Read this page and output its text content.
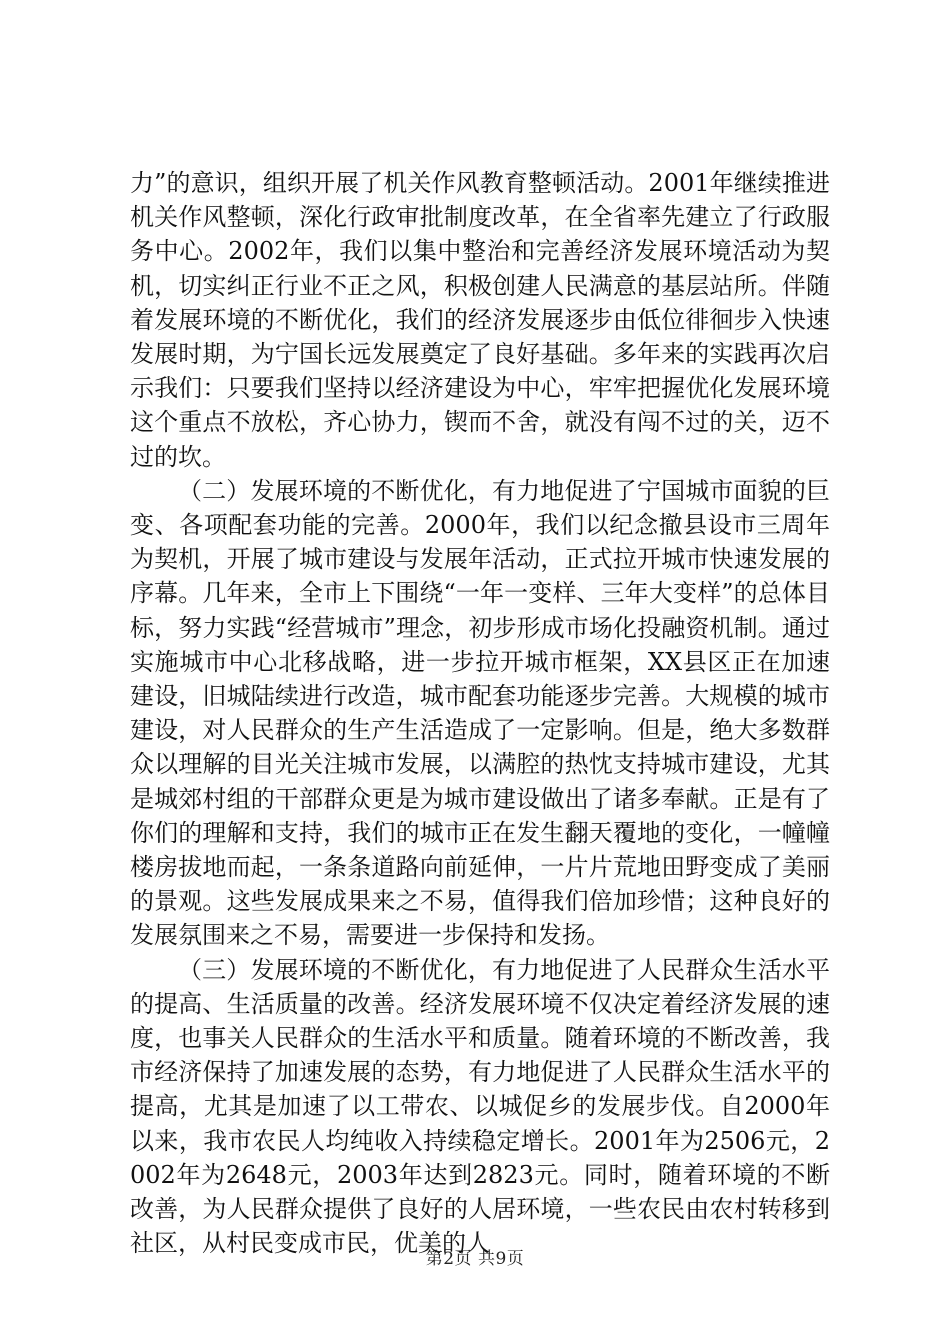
力”的意识，组织开展了机关作风教育整顿活动。2001年继续推进机关作风整顿，深化行政审批制度改革，在全省率先建立了行政服务中心。2002年，我们以集中整治和完善经济发展环境活动为契机，切实纠正行业不正之风，积极创建人民满意的基层站所。伴随着发展环境的不断优化，我们的经济发展逐步由低位徘徊步入快速发展时期，为宁国长远发展奠定了良好基础。多年来的实践再次启示我们：只要我们坚持以经济建设为中心，牢牢把握优化发展环境这个重点不放松，齐心协力，锲而不舍，就没有闯不过的关，迈不过的坎。

（二）发展环境的不断优化，有力地促进了宁国城市面貌的巨变、各项配套功能的完善。2000年，我们以纪念撤县设市三周年为契机，开展了城市建设与发展年活动，正式拉开城市快速发展的序幕。几年来，全市上下围绕“一年一变样、三年大变样”的总体目标，努力实践“经营城市”理念，初步形成市场化投融资机制。通过实施城市中心北移战略，进一步拉开城市框架，XX县区正在加速建设，旧城陆续进行改造，城市配套功能逐步完善。大规模的城市建设，对人民群众的生产生活造成了一定影响。但是，绝大多数群众以理解的目光关注城市发展，以满腔的热忱支持城市建设，尤其是城郊村组的干部群众更是为城市建设做出了诸多奉献。正是有了你们的理解和支持，我们的城市正在发生翻天覆地的变化，一幢幢楼房拔地而起，一条条道路向前延伸，一片片荒地田野变成了美丽的景观。这些发展成果来之不易，值得我们倍加珍惜；这种良好的发展氛围来之不易，需要进一步保持和发扬。

（三）发展环境的不断优化，有力地促进了人民群众生活水平的提高、生活质量的改善。经济发展环境不仅决定着经济发展的速度，也事关人民群众的生活水平和质量。随着环境的不断改善，我市经济保持了加速发展的态势，有力地促进了人民群众生活水平的提高，尤其是加速了以工带农、以城促乡的发展步伐。自2000年以来，我市农民人均纯收入持续稳定增长。2001年为2506元，2002年为2648元，2003年达到2823元。同时，随着环境的不断改善，为人民群众提供了良好的人居环境，一些农民由农村转移到社区，从村民变成市民，优美的人

第2页 共9页
